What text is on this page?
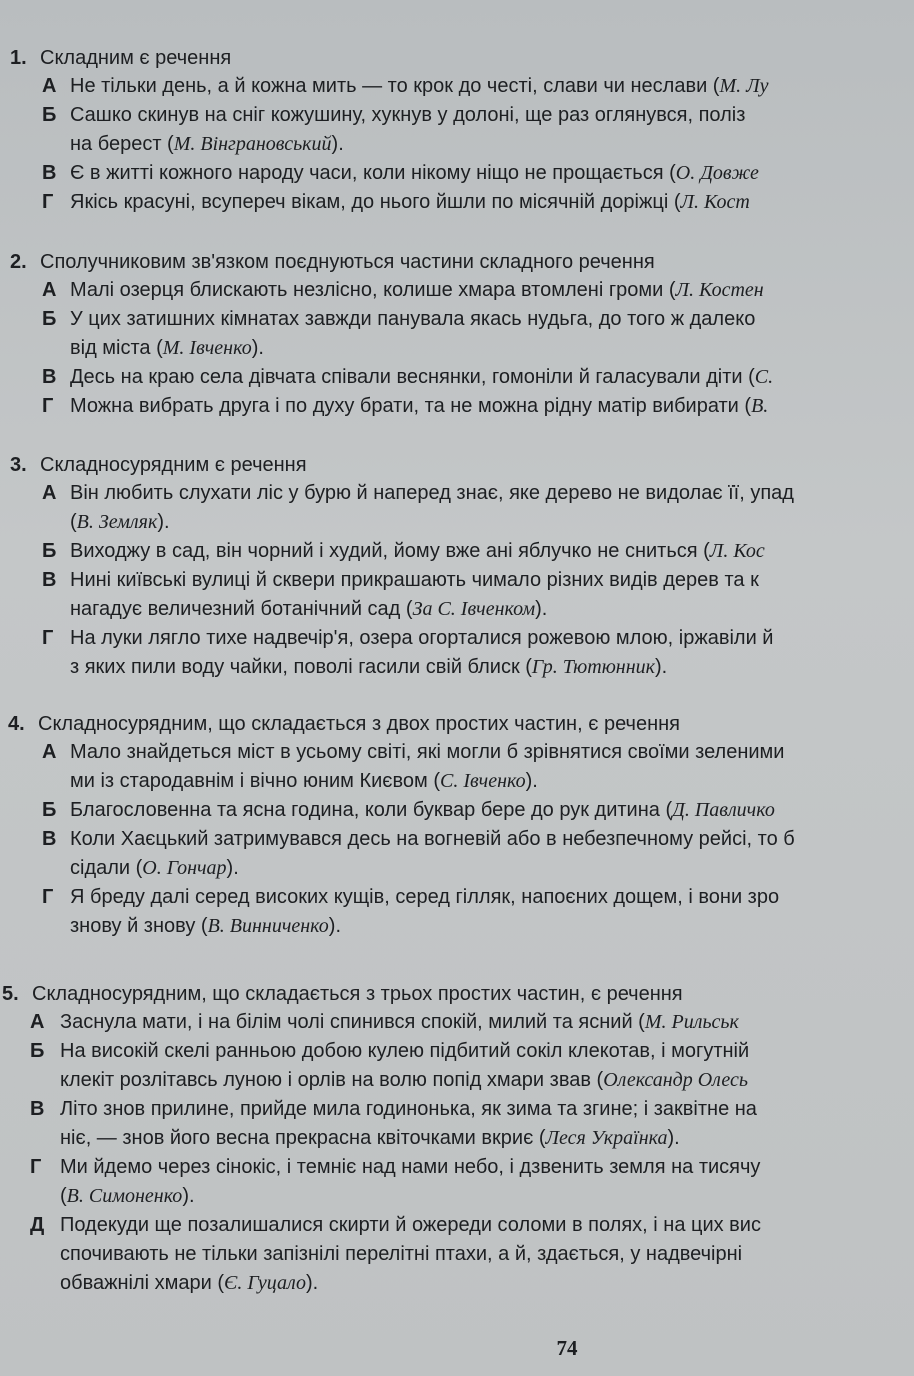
1. Складним є речення
А Не тільки день, а й кожна мить — то крок до честі, слави чи неслави (М. Лу
Б Сашко скинув на сніг кожушину, хукнув у долоні, ще раз оглянувся, поліз
на берест (М. Вінграновський).
В Є в житті кожного народу часи, коли нікому ніщо не прощається (О. Довже
Г Якісь красуні, всупереч вікам, до нього йшли по місячній доріжці (Л. Кост
2. Сполучниковим зв'язком поєднуються частини складного речення
А Малі озерця блискають незлісно, колише хмара втомлені громи (Л. Костен
Б У цих затишних кімнатах завжди панувала якась нудьга, до того ж далеко
від міста (М. Івченко).
В Десь на краю села дівчата співали веснянки, гомоніли й галасували діти (С.
Г Можна вибрать друга і по духу брати, та не можна рідну матір вибирати (В.
3. Складносурядним є речення
А Він любить слухати ліс у бурю й наперед знає, яке дерево не видолає її, упад
(В. Земляк).
Б Виходжу в сад, він чорний і худий, йому вже ані яблучко не сниться (Л. Кос
В Нині київські вулиці й сквери прикрашають чимало різних видів дерев та к
нагадує величезний ботанічний сад (За С. Івченком).
Г На луки лягло тихе надвечір'я, озера огорталися рожевою млою, іржавіли й
з яких пили воду чайки, поволі гасили свій блиск (Гр. Тютюнник).
4. Складносурядним, що складається з двох простих частин, є речення
А Мало знайдеться міст в усьому світі, які могли б зрівнятися своїми зеленими
ми із стародавнім і вічно юним Києвом (С. Івченко).
Б Благословенна та ясна година, коли буквар бере до рук дитина (Д. Павличко
В Коли Хаєцький затримувався десь на вогневій або в небезпечному рейсі, то б
сідали (О. Гончар).
Г Я бреду далі серед високих кущів, серед гілляк, напоєних дощем, і вони зро
знову й знову (В. Винниченко).
5. Складносурядним, що складається з трьох простих частин, є речення
А Заснула мати, і на білім чолі спинився спокій, милий та ясний (М. Рильськ
Б На високій скелі ранньою добою кулею підбитий сокіл клекотав, і могутній
клекіт розлітавсь луною і орлів на волю попід хмари звав (Олександр Олесь
В Літо знов прилине, прийде мила годинонька, як зима та згине; і заквітне на
ніє, — знов його весна прекрасна квіточками вкриє (Леся Українка).
Г Ми йдемо через сінокіс, і темніє над нами небо, і дзвенить земля на тисячу
(В. Симоненко).
Д Подекуди ще позалишалися скирти й ожереди соломи в полях, і на цих вис
спочивають не тільки запізнілі перелітні птахи, а й, здається, у надвечірні
обважнілі хмари (Є. Гуцало).
74
